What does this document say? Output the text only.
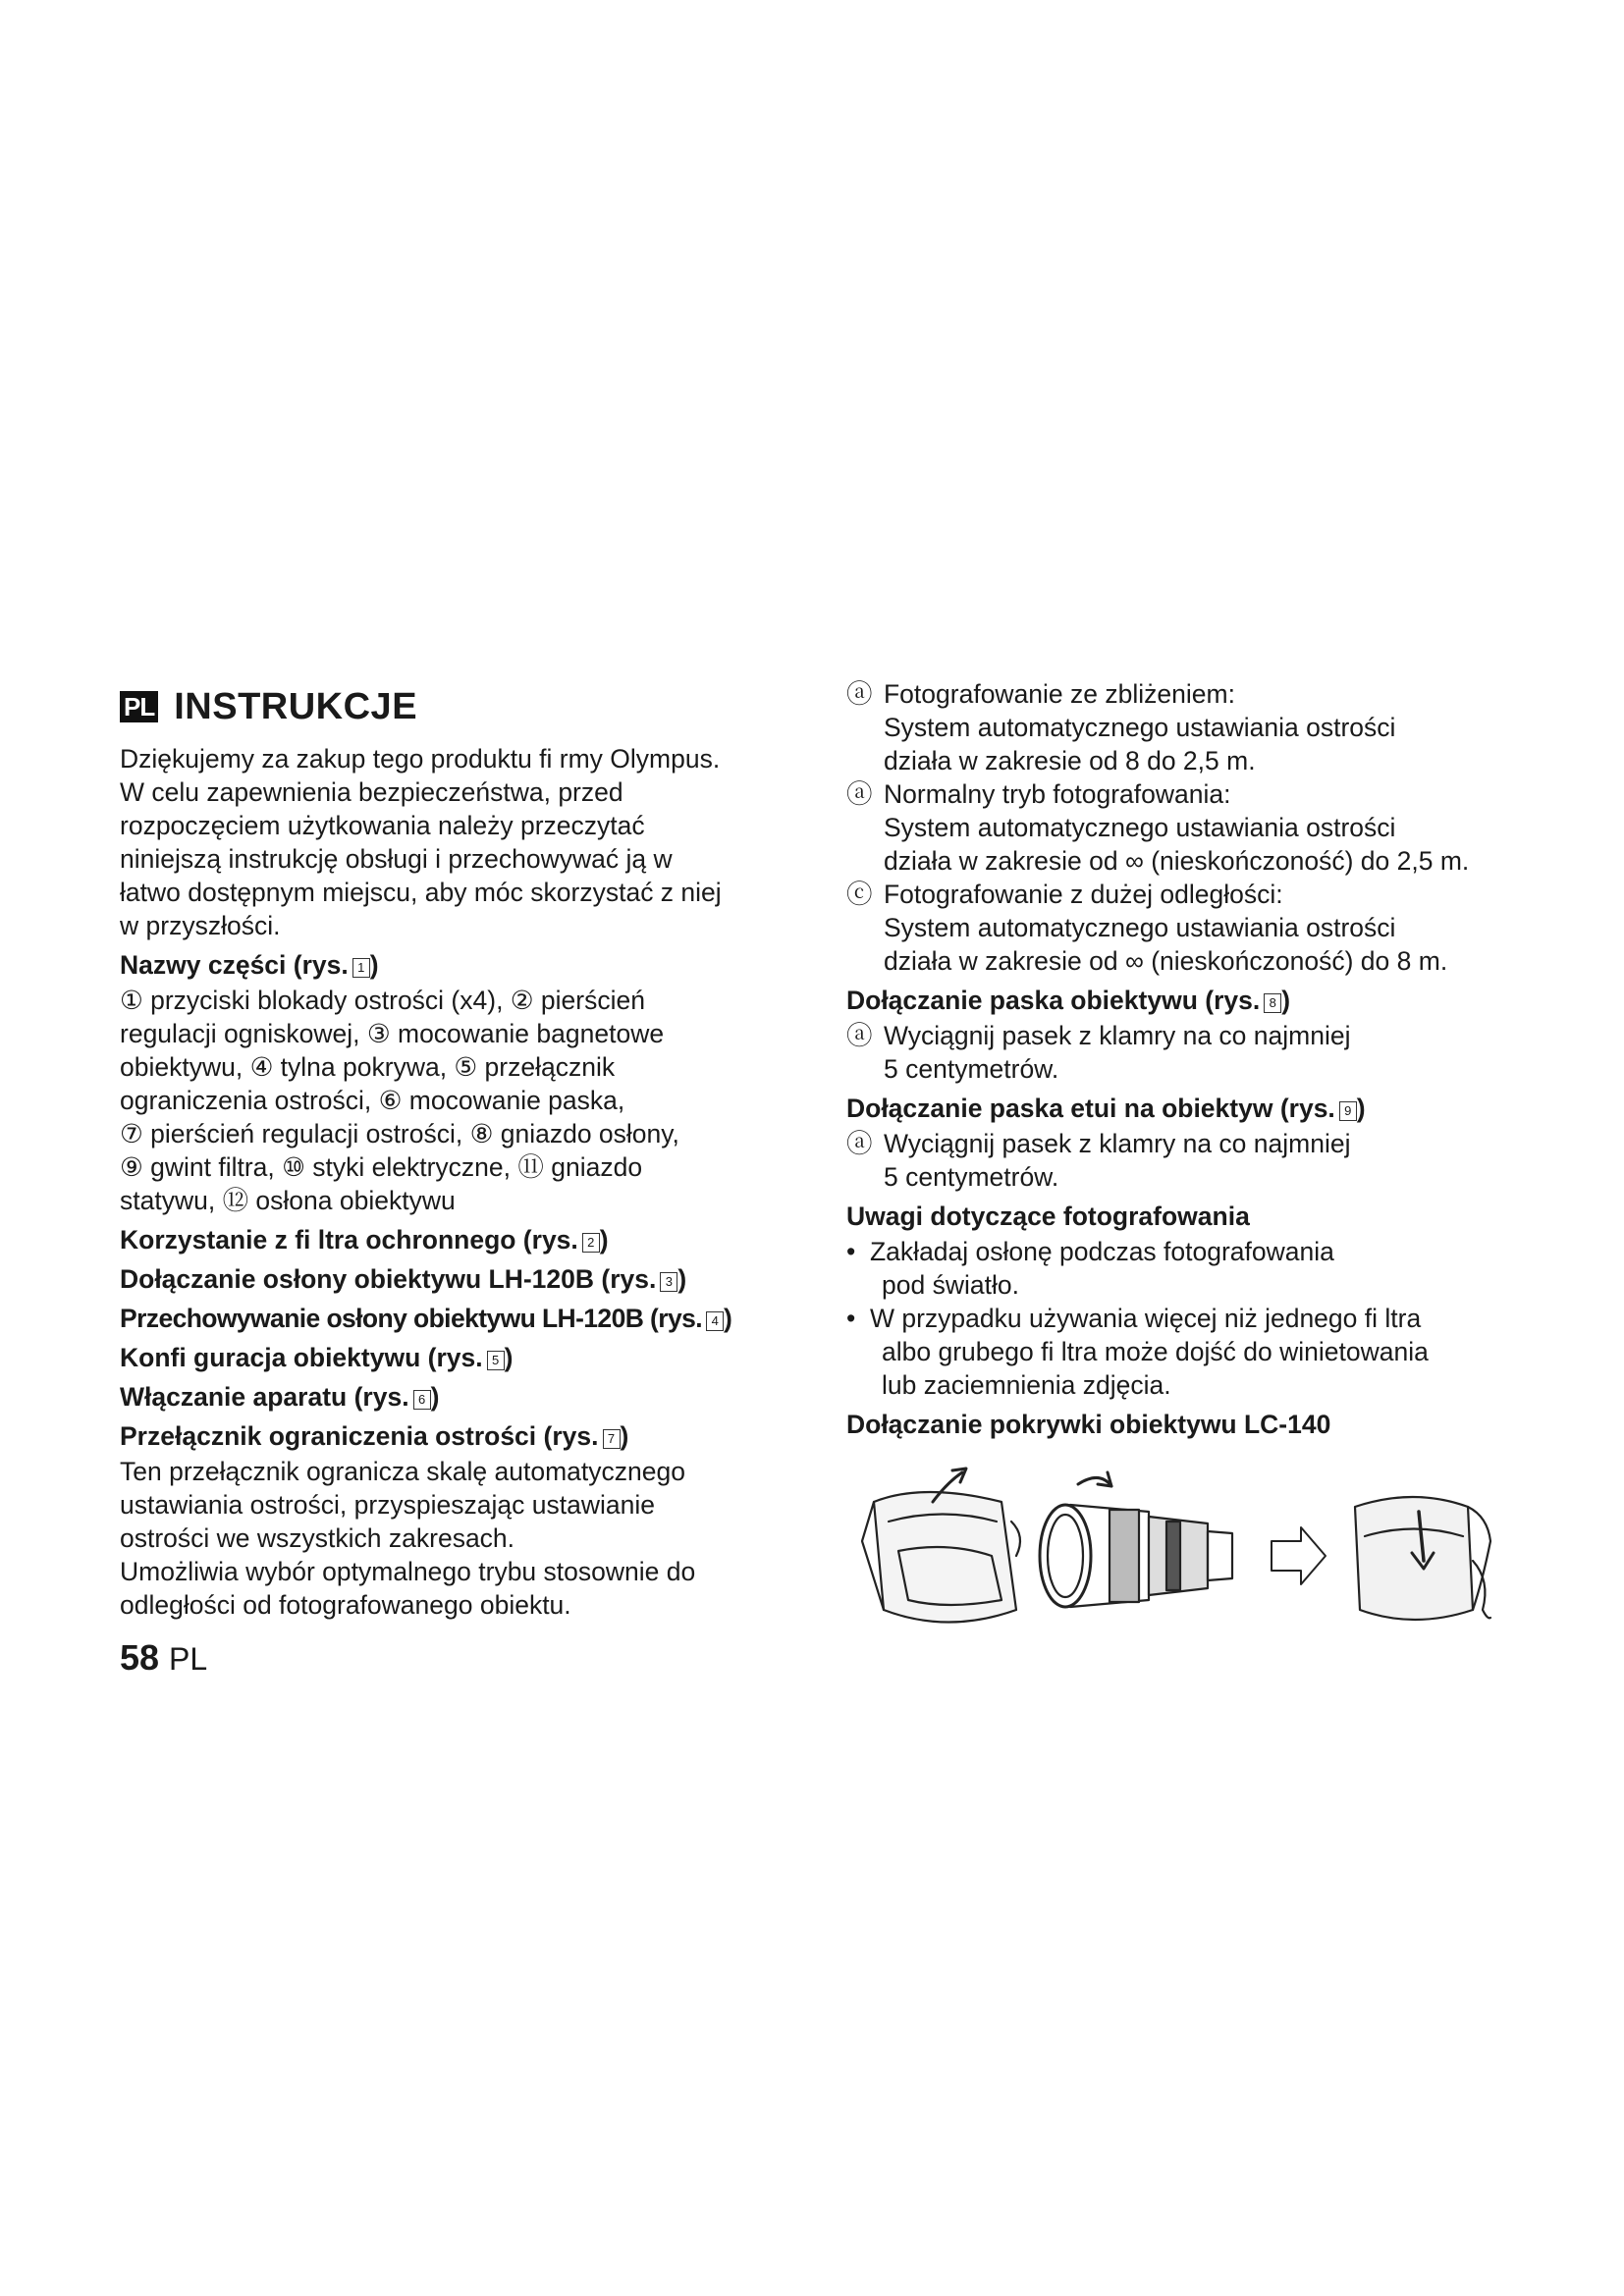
PL INSTRUKCJE

Dziękujemy za zakup tego produktu fi rmy Olympus.

W celu zapewnienia bezpieczeństwa, przed

rozpoczęciem użytkowania należy przeczytać

niniejszą instrukcję obsługi i przechowywać ją w

łatwo dostępnym miejscu, aby móc skorzystać z niej

w przyszłości.

Nazwy części (rys. 1 )

① przyciski blokady ostrości (x4), ② pierścień

regulacji ogniskowej, ③ mocowanie bagnetowe

obiektywu, ④ tylna pokrywa, ⑤ przełącznik

ograniczenia ostrości, ⑥ mocowanie paska,

⑦ pierścień regulacji ostrości, ⑧ gniazdo osłony,

⑨ gwint filtra, ⑩ styki elektryczne, ⑪ gniazdo

statywu, ⑫ osłona obiektywu

Korzystanie z fi ltra ochronnego (rys. 2 )
Dołączanie osłony obiektywu LH-120B (rys. 3 )
Przechowywanie osłony obiektywu LH-120B (rys. 4 )
Konfi guracja obiektywu (rys. 5 )
Włączanie aparatu (rys. 6 )
Przełącznik ograniczenia ostrości (rys. 7 )

Ten przełącznik ogranicza skalę automatycznego

ustawiania ostrości, przyspieszając ustawianie

ostrości we wszystkich zakresach.

Umożliwia wybór optymalnego trybu stosownie do

odległości od fotografowanego obiektu.

58 PL
ⓐ Fotografowanie ze zbliżeniem:
System automatycznego ustawiania ostrości
działa w zakresie od 8 do 2,5 m.
ⓐ Normalny tryb fotografowania:
System automatycznego ustawiania ostrości
działa w zakresie od ∞ (nieskończoność) do 2,5 m.
ⓒ Fotografowanie z dużej odległości:
System automatycznego ustawiania ostrości
działa w zakresie od ∞ (nieskończoność) do 8 m.
Dołączanie paska obiektywu (rys. 8 )
ⓐ Wyciągnij pasek z klamry na co najmniej
5 centymetrów.
Dołączanie paska etui na obiektyw (rys. 9 )
ⓐ Wyciągnij pasek z klamry na co najmniej
5 centymetrów.
Uwagi dotyczące fotografowania
• Zakładaj osłonę podczas fotografowania
pod światło.
• W przypadku używania więcej niż jednego fi ltra
albo grubego fi ltra może dojść do winietowania
lub zaciemnienia zdjęcia.
Dołączanie pokrywki obiektywu LC-140
